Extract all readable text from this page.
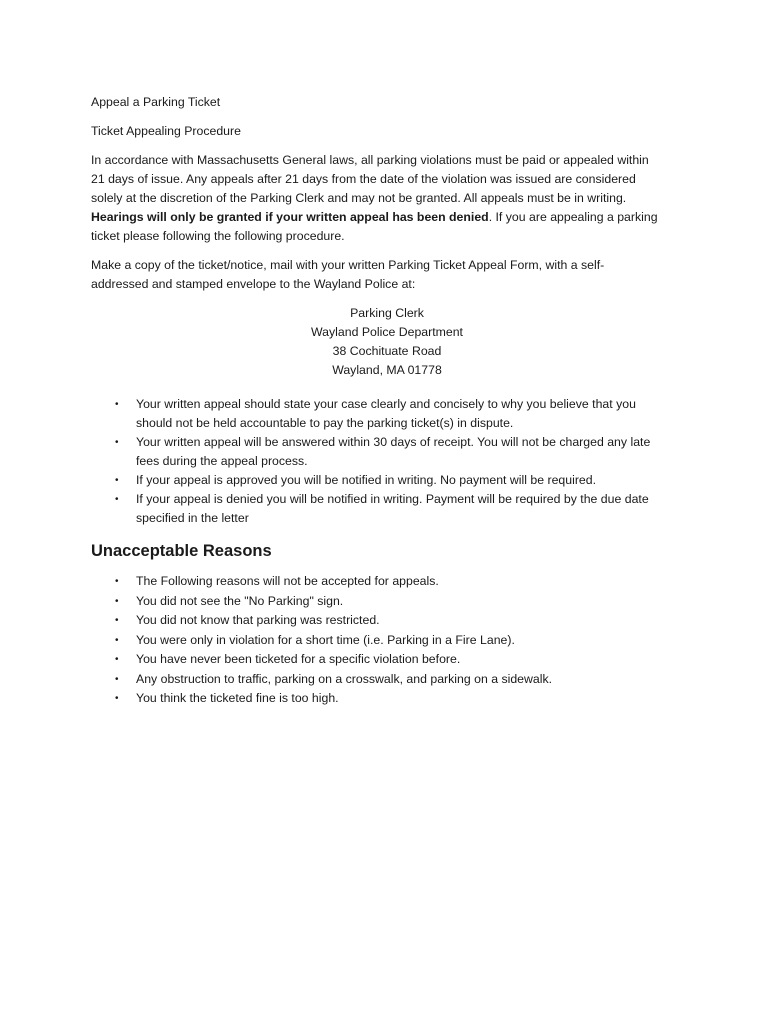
Appeal a Parking Ticket

Ticket Appealing Procedure

In accordance with Massachusetts General laws, all parking violations must be paid or appealed within

21 days of issue. Any appeals after 21 days from the date of the violation was issued are considered

solely at the discretion of the Parking Clerk and may not be granted. All appeals must be in writing.

Hearings will only be granted if your written appeal has been denied. If you are appealing a parking

ticket please following the following procedure.

Make a copy of the ticket/notice, mail with your written Parking Ticket Appeal Form, with a self-

addressed and stamped envelope to the Wayland Police at:

Parking Clerk

Wayland Police Department

38 Cochituate Road

Wayland, MA 01778

• Your written appeal should state your case clearly and concisely to why you believe that you

should not be held accountable to pay the parking ticket(s) in dispute.

• Your written appeal will be answered within 30 days of receipt. You will not be charged any late

fees during the appeal process.

• If your appeal is approved you will be notified in writing. No payment will be required.

• If your appeal is denied you will be notified in writing. Payment will be required by the due date

specified in the letter

Unacceptable Reasons
• The Following reasons will not be accepted for appeals.

• You did not see the "No Parking" sign.

• You did not know that parking was restricted.

• You were only in violation for a short time (i.e. Parking in a Fire Lane).

• You have never been ticketed for a specific violation before.

• Any obstruction to traffic, parking on a crosswalk, and parking on a sidewalk.

• You think the ticketed fine is too high.
